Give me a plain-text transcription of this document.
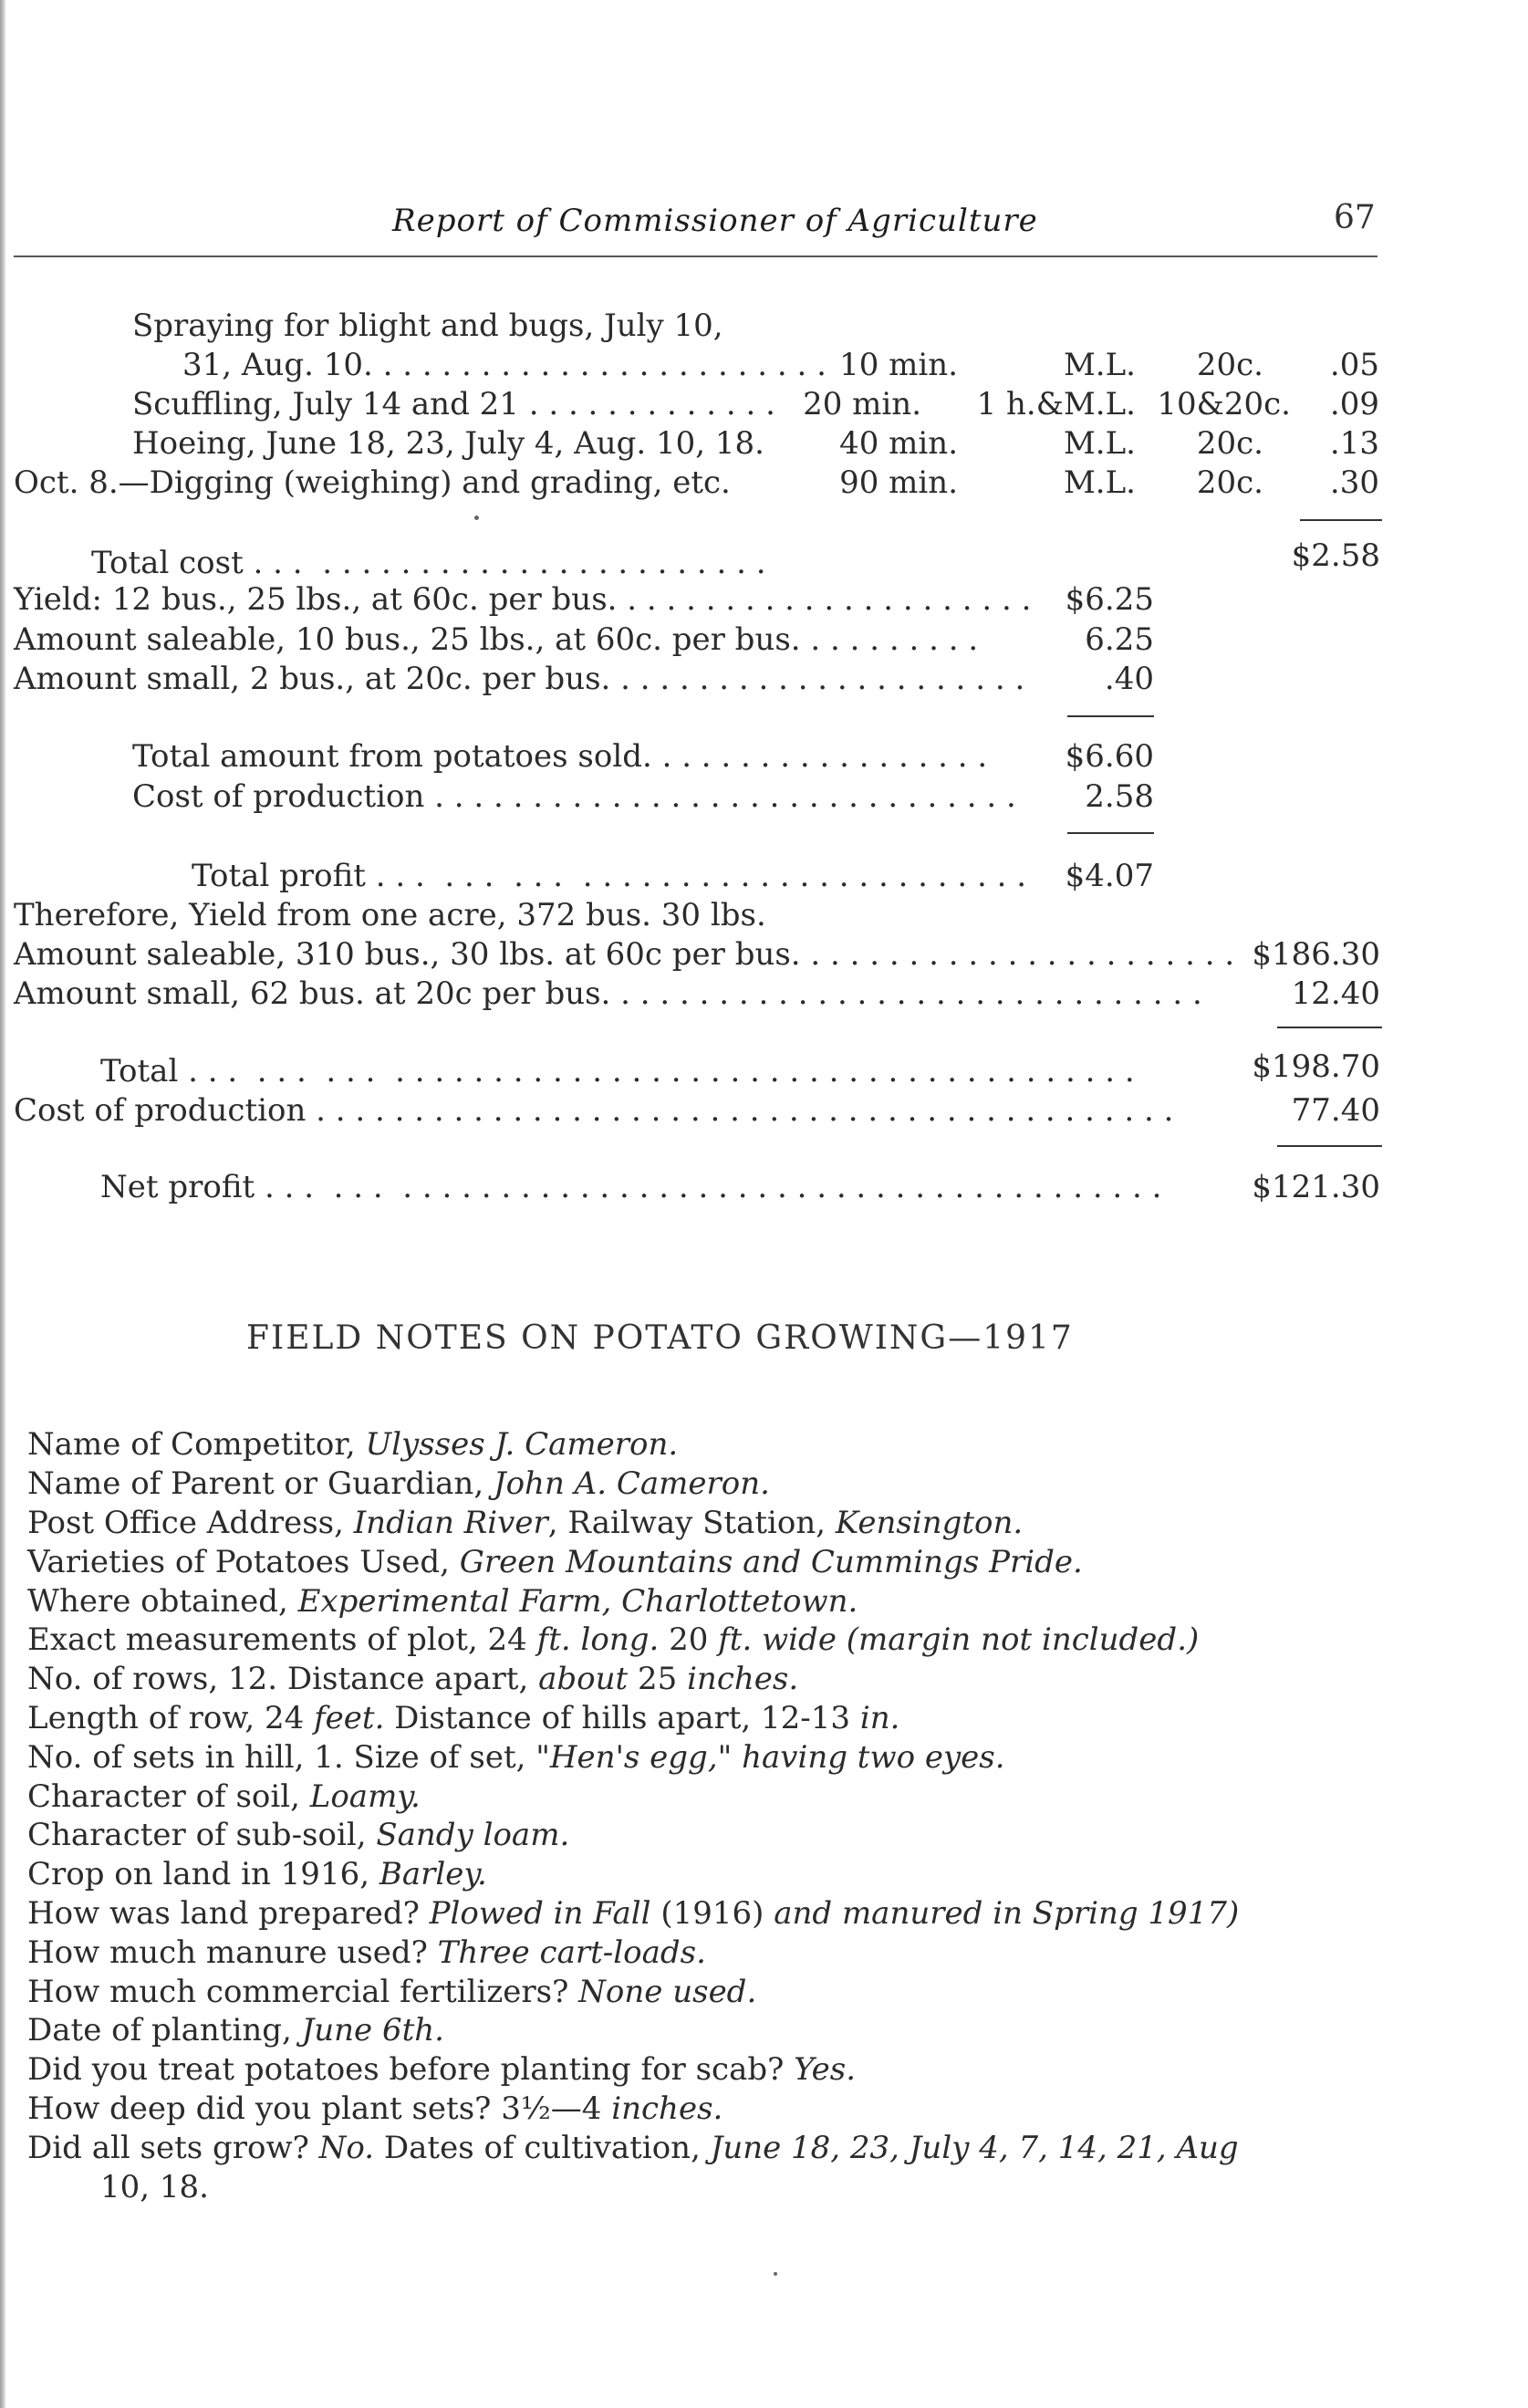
Report of Commissioner of Agriculture	67
Spraying for blight and bugs, July 10,
31, Aug. 10. . . . . . . . . . . . . . . . . . . . . . . . 10 min.	M.L.	20c.	.05
Scuffling, July 14 and 21 . . . . . . . . . . . . . 20 min.	1 h.&M.L. 10&20c.	.09
Hoeing, June 18, 23, July 4, Aug. 10, 18.	40 min.	M.L.	20c.	.13
Oct. 8.—Digging (weighing) and grading, etc.	90 min.	M.L.	20c.	.30
Total cost . . .  . . . . . . . . . . . . . . . . . . . . . . .	$2.58
Yield: 12 bus., 25 lbs., at 60c. per bus. . . . . . . . . . . . . . . . . . . . . . $6.25
Amount saleable, 10 bus., 25 lbs., at 60c. per bus. . . . . . . . . .	6.25
Amount small, 2 bus., at 20c. per bus. . . . . . . . . . . . . . . . . . . . . .	.40
Total amount from potatoes sold. . . . . . . . . . . . . . . . . .	$6.60
Cost of production . . . . . . . . . . . . . . . . . . . . . . . . . . . . . .	2.58
Total profit . . .  . . .  . . .  . . . . . . . . . . . . . . . . . . . . . . .	$4.07
Therefore, Yield from one acre, 372 bus. 30 lbs.
Amount saleable, 310 bus., 30 lbs. at 60c per bus. . . . . . . . . . . . . . . . . . . . . . . $186.30
Amount small, 62 bus. at 20c per bus. . . . . . . . . . . . . . . . . . . . . . . . . . . . . . .	12.40
Total . . .  . . .  . . .  . . . . . . . . . . . . . . . . . . . . . . . . . . . . . . . . . . . . . .	$198.70
Cost of production . . . . . . . . . . . . . . . . . . . . . . . . . . . . . . . . . . . . . . . . . . . .	77.40
Net profit . . .  . . .  . . . . . . . . . . . . . . . . . . . . . . . . . . . . . . . . . . . . . . .	$121.30
FIELD NOTES ON POTATO GROWING—1917
Name of Competitor, Ulysses J. Cameron.
Name of Parent or Guardian, John A. Cameron.
Post Office Address, Indian River, Railway Station, Kensington.
Varieties of Potatoes Used, Green Mountains and Cummings Pride.
Where obtained, Experimental Farm, Charlottetown.
Exact measurements of plot, 24 ft. long. 20 ft. wide (margin not included.)
No. of rows, 12. Distance apart, about 25 inches.
Length of row, 24 feet. Distance of hills apart, 12-13 in.
No. of sets in hill, 1. Size of set, "Hen's egg," having two eyes.
Character of soil, Loamy.
Character of sub-soil, Sandy loam.
Crop on land in 1916, Barley.
How was land prepared? Plowed in Fall (1916) and manured in Spring 1917)
How much manure used? Three cart-loads.
How much commercial fertilizers? None used.
Date of planting, June 6th.
Did you treat potatoes before planting for scab? Yes.
How deep did you plant sets? 3½—4 inches.
Did all sets grow? No. Dates of cultivation, June 18, 23, July 4, 7, 14, 21, Aug
10, 18.
